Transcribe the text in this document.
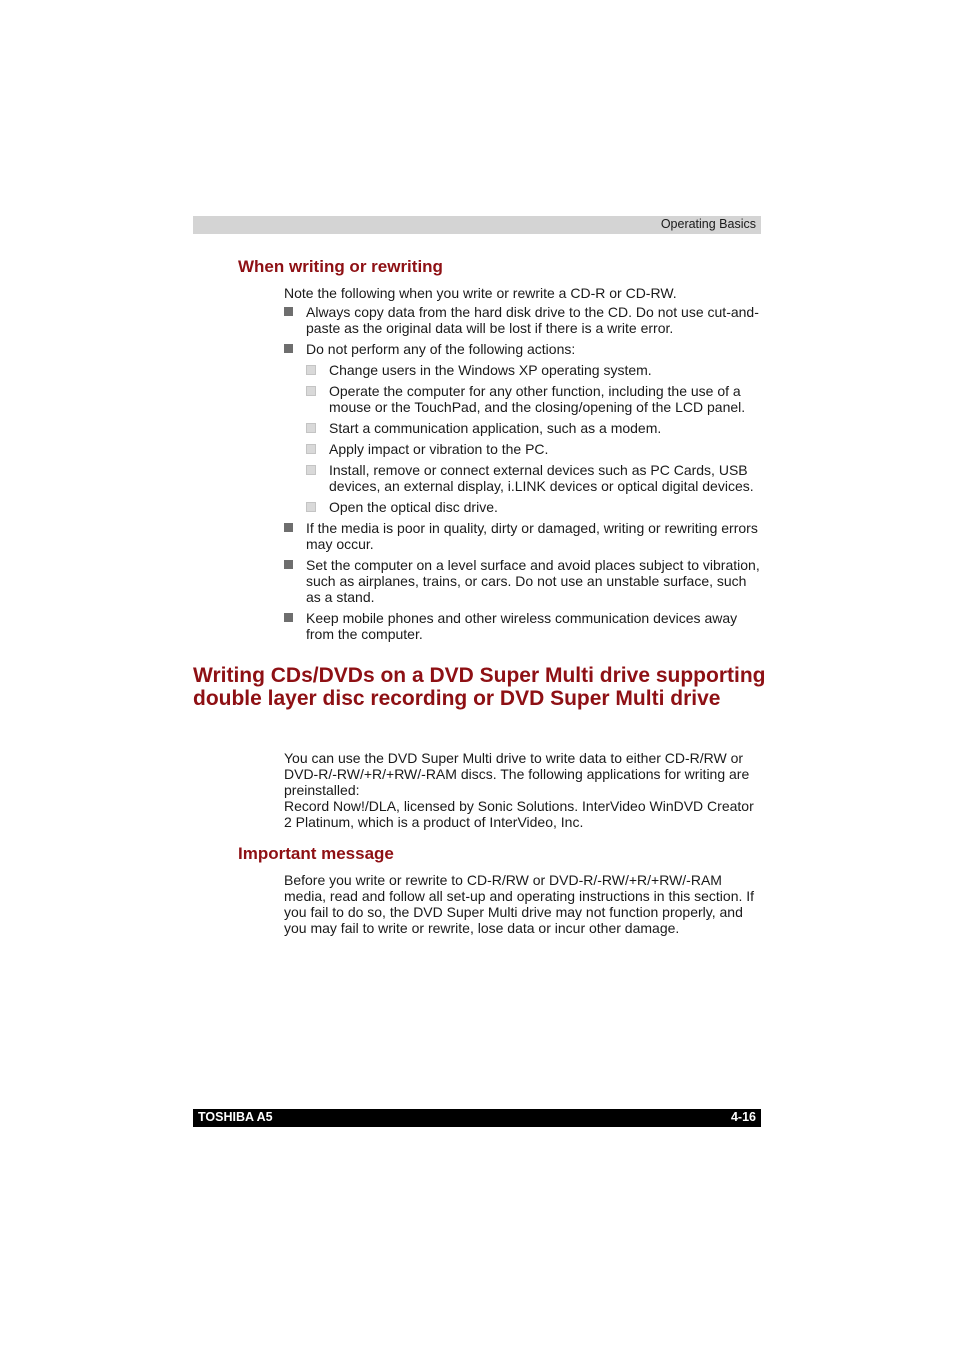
Operating Basics
When writing or rewriting

Note the following when you write or rewrite a CD-R or CD-RW.

Always copy data from the hard disk drive to the CD. Do not use cut-and-paste as the original data will be lost if there is a write error.
Do not perform any of the following actions:
Change users in the Windows XP operating system.
Operate the computer for any other function, including the use of a mouse or the TouchPad, and the closing/opening of the LCD panel.
Start a communication application, such as a modem.
Apply impact or vibration to the PC.
Install, remove or connect external devices such as PC Cards, USB devices, an external display, i.LINK devices or optical digital devices.
Open the optical disc drive.
If the media is poor in quality, dirty or damaged, writing or rewriting errors may occur.
Set the computer on a level surface and avoid places subject to vibration, such as airplanes, trains, or cars. Do not use an unstable surface, such as a stand.
Keep mobile phones and other wireless communication devices away from the computer.
Writing CDs/DVDs on a DVD Super Multi drive supporting double layer disc recording or DVD Super Multi drive

You can use the DVD Super Multi drive to write data to either CD-R/RW or DVD-R/-RW/+R/+RW/-RAM discs. The following applications for writing are preinstalled:

Record Now!/DLA, licensed by Sonic Solutions. InterVideo WinDVD Creator 2 Platinum, which is a product of InterVideo, Inc.

Important message

Before you write or rewrite to CD-R/RW or DVD-R/-RW/+R/+RW/-RAM media, read and follow all set-up and operating instructions in this section. If you fail to do so, the DVD Super Multi drive may not function properly, and you may fail to write or rewrite, lose data or incur other damage.

TOSHIBA A5	4-16
